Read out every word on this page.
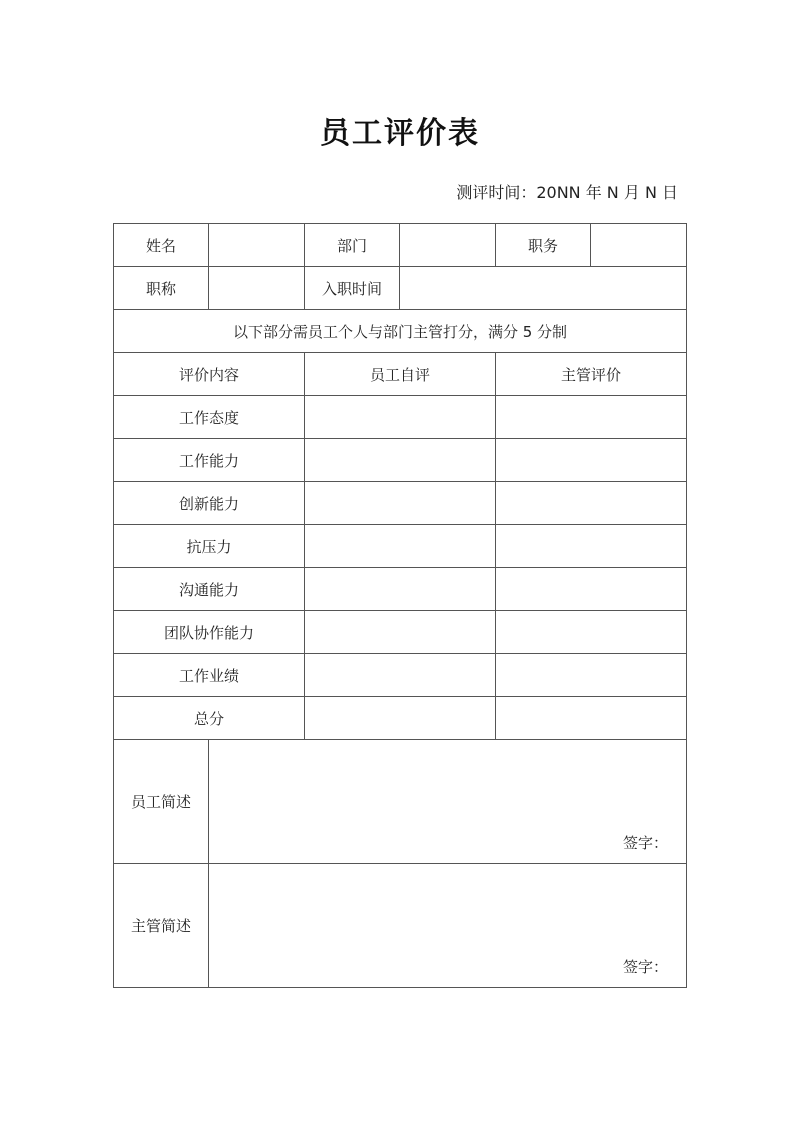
员工评价表
测评时间：20NN 年 N 月 N 日
姓名		部门		职务	
职称		入职时间			
以下部分需员工个人与部门主管打分，满分 5 分制					
评价内容		员工自评		主管评价	
工作态度					
工作能力					
创新能力					
抗压力					
沟通能力					
团队协作能力					
工作业绩					
总分					
员工简述	签字：				

主管简述	签字：				
